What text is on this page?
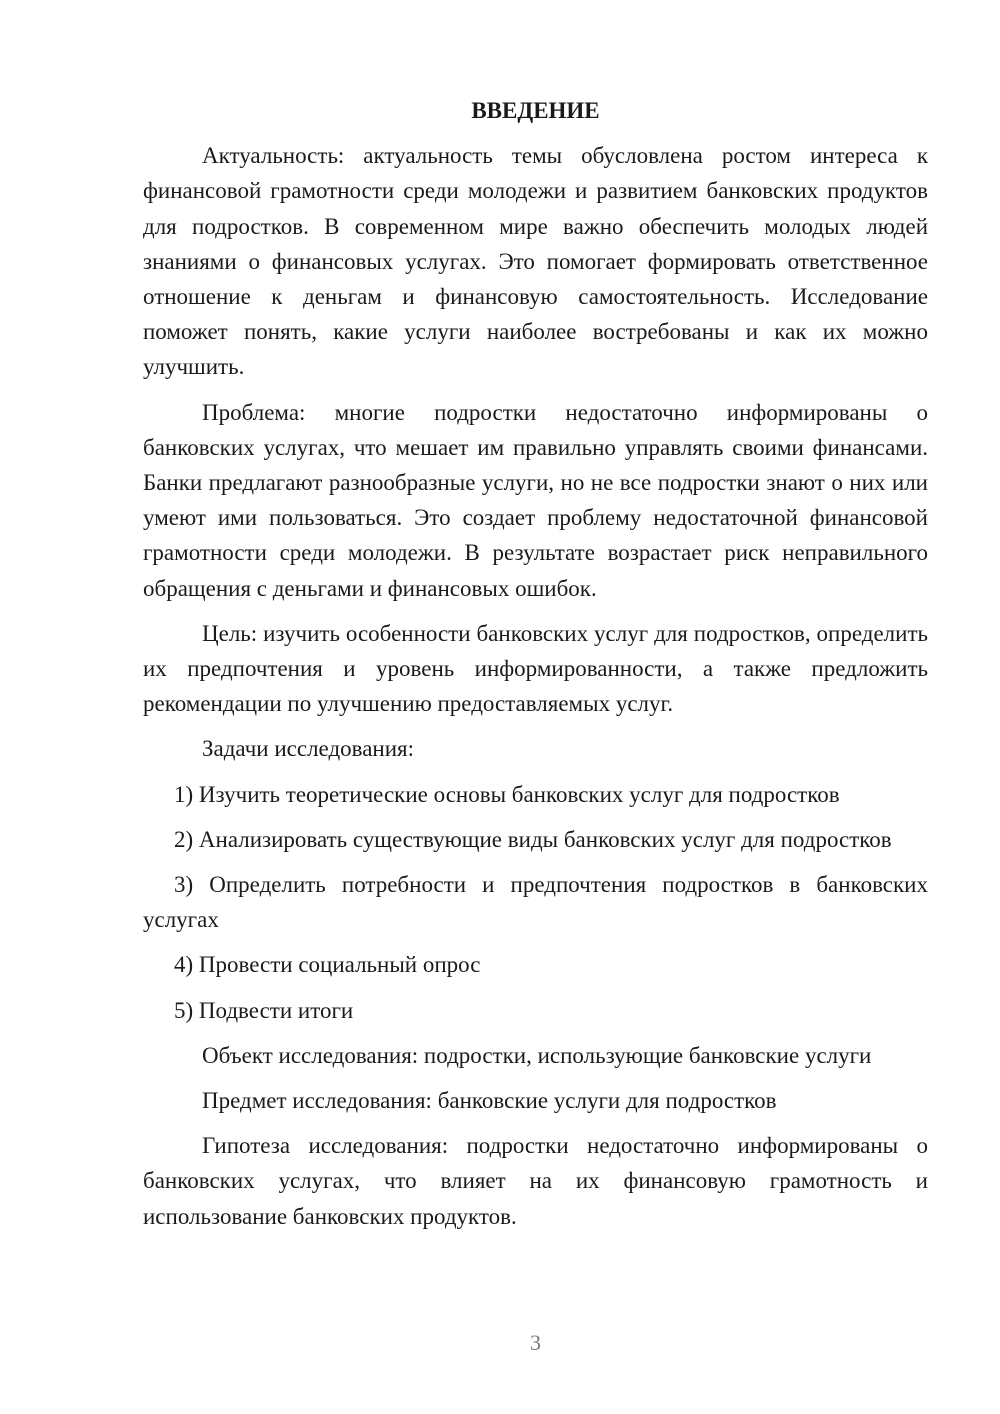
ВВЕДЕНИЕ

Актуальность: актуальность темы обусловлена ростом интереса к финансовой грамотности среди молодежи и развитием банковских продуктов для подростков. В современном мире важно обеспечить молодых людей знаниями о финансовых услугах. Это помогает формировать ответственное отношение к деньгам и финансовую самостоятельность. Исследование поможет понять, какие услуги наиболее востребованы и как их можно улучшить.

Проблема: многие подростки недостаточно информированы о банковских услугах, что мешает им правильно управлять своими финансами. Банки предлагают разнообразные услуги, но не все подростки знают о них или умеют ими пользоваться. Это создает проблему недостаточной финансовой грамотности среди молодежи. В результате возрастает риск неправильного обращения с деньгами и финансовых ошибок.

Цель: изучить особенности банковских услуг для подростков, определить их предпочтения и уровень информированности, а также предложить рекомендации по улучшению предоставляемых услуг.

Задачи исследования:

1) Изучить теоретические основы банковских услуг для подростков

2) Анализировать существующие виды банковских услуг для подростков

3) Определить потребности и предпочтения подростков в банковских услугах

4) Провести социальный опрос

5) Подвести итоги

Объект исследования: подростки, использующие банковские услуги

Предмет исследования: банковские услуги для подростков

Гипотеза исследования: подростки недостаточно информированы о банковских услугах, что влияет на их финансовую грамотность и использование банковских продуктов.

3
